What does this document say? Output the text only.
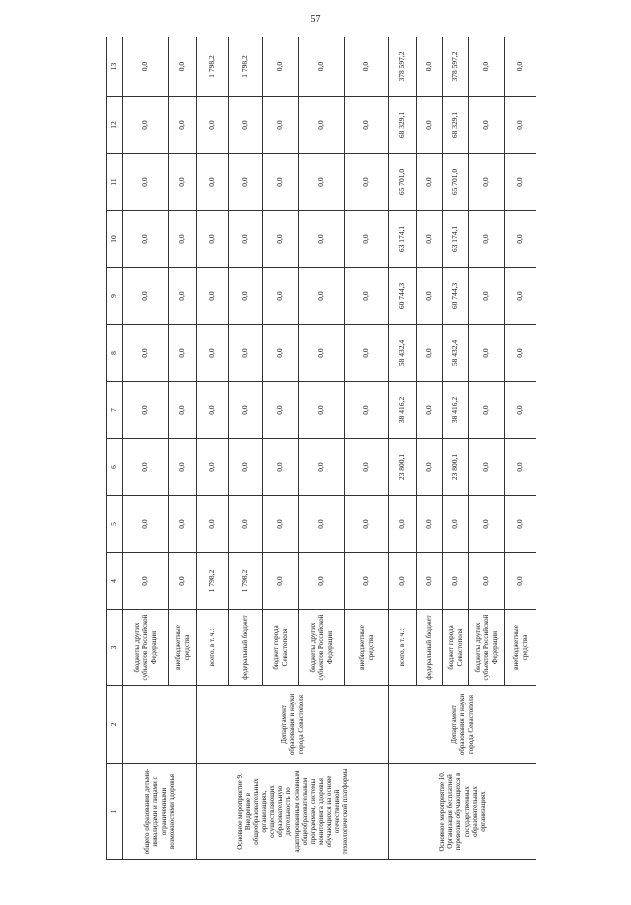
57
1	2	3	4	5	6	7	8	9	10	11	12	13
общего образования детьми-инвалидами и лицами с ограниченными возможностями здоровья		бюджеты других субъектов Российской Федерации	0,0	0,0	0,0	0,0	0,0	0,0	0,0	0,0	0,0	0,0
		внебюджетные средства	0,0	0,0	0,0	0,0	0,0	0,0	0,0	0,0	0,0	0,0
Основное мероприятие 9. Внедрение в общеобразовательных организациях, осуществляющих образовательную деятельность по адаптированным основным общеобразовательным программам, системы мониторинга здоровья обучающихся на основе отечественной технологической платформы	Департамент образования и науки города Севастополя	всего, в т. ч.:	1 798,2	0,0	0,0	0,0	0,0	0,0	0,0	0,0	0,0	1 798,2
		федеральный бюджет	1 798,2	0,0	0,0	0,0	0,0	0,0	0,0	0,0	0,0	1 798,2
		бюджет города Севастополя	0,0	0,0	0,0	0,0	0,0	0,0	0,0	0,0	0,0	0,0
		бюджеты других субъектов Российской Федерации	0,0	0,0	0,0	0,0	0,0	0,0	0,0	0,0	0,0	0,0
		внебюджетные средства	0,0	0,0	0,0	0,0	0,0	0,0	0,0	0,0	0,0	0,0
Основное мероприятие 10. Организация бесплатной перевозки обучающихся в государственных образовательных организациях	Департамент образования и науки города Севастополя	всего, в т. ч.:	0,0	0,0	23 800,1	38 416,2	58 432,4	60 744,3	63 174,1	65 701,0	68 329,1	378 597,2
		федеральный бюджет	0,0	0,0	0,0	0,0	0,0	0,0	0,0	0,0	0,0	0,0
		бюджет города Севастополя	0,0	0,0	23 800,1	38 416,2	58 432,4	60 744,3	63 174,1	65 701,0	68 329,1	378 597,2
		бюджеты других субъектов Российской Федерации	0,0	0,0	0,0	0,0	0,0	0,0	0,0	0,0	0,0	0,0
		внебюджетные средства	0,0	0,0	0,0	0,0	0,0	0,0	0,0	0,0	0,0	0,0
